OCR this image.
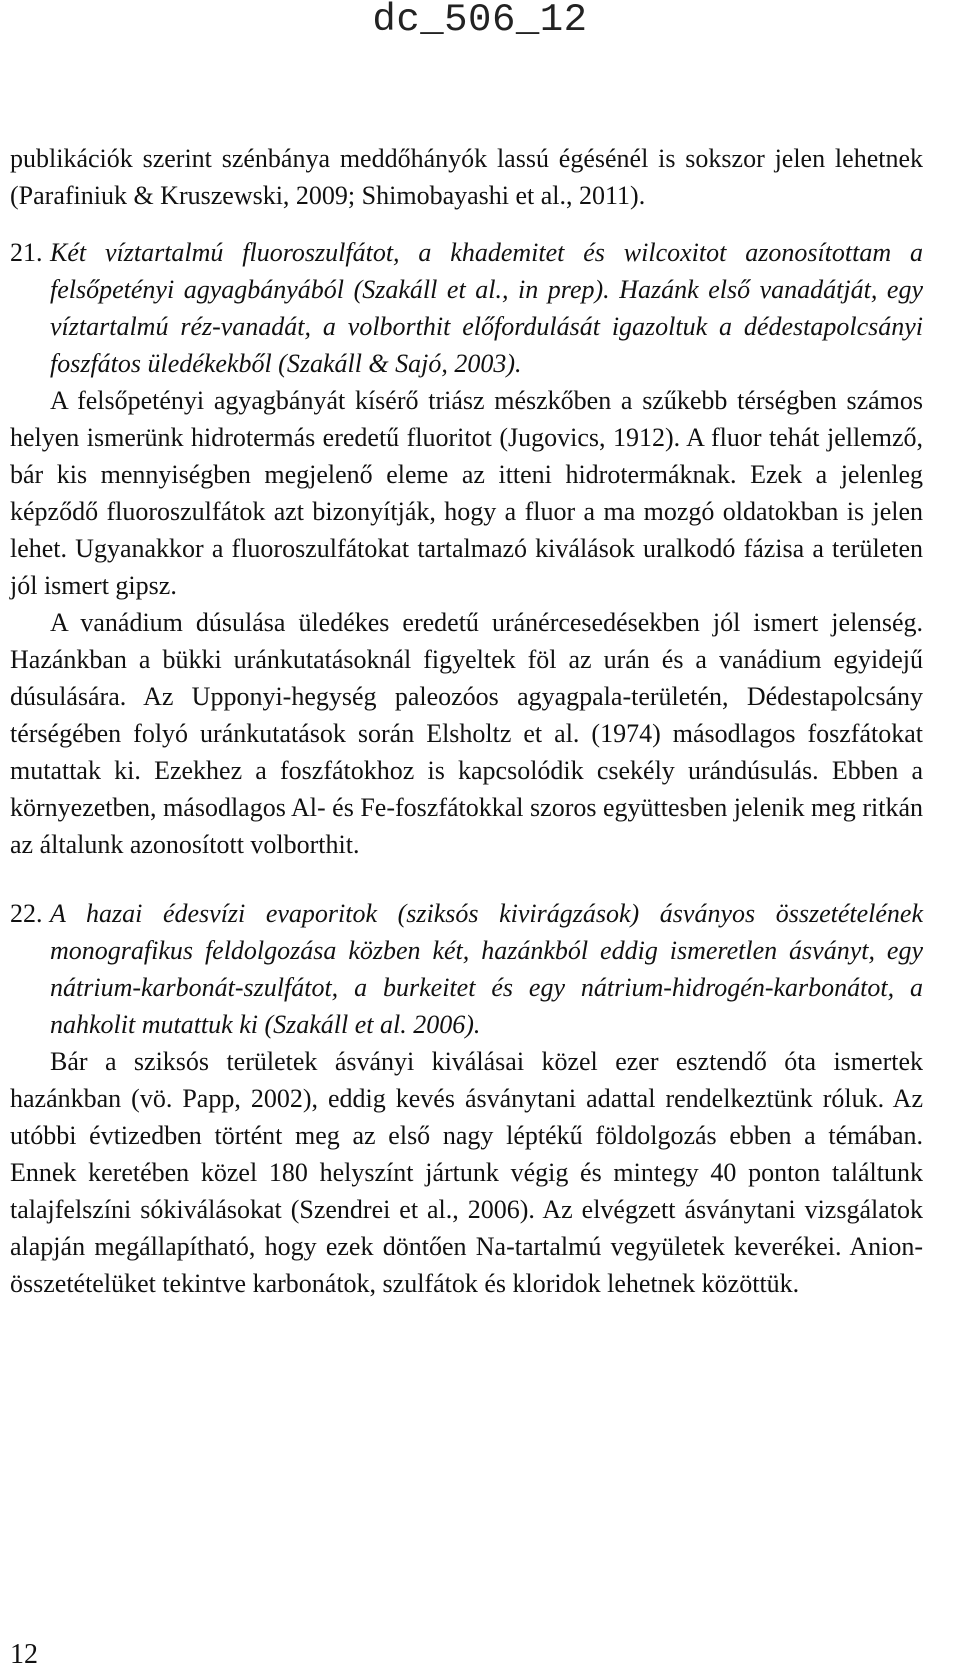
dc_506_12

publikációk szerint szénbánya meddőhányók lassú égésénél is sokszor jelen lehetnek (Parafiniuk & Kruszewski, 2009; Shimobayashi et al., 2011).

21. Két víztartalmú fluoroszulfátot, a khademitet és wilcoxitot azonosítottam a felsőpetényi agyagbányából (Szakáll et al., in prep). Hazánk első vanadátját, egy víztartalmú réz-vanadát, a volborthit előfordulását igazoltuk a dédestapolcsányi foszfátos üledékekből (Szakáll & Sajó, 2003).

A felsőpetényi agyagbányát kísérő triász mészkőben a szűkebb térségben számos helyen ismerünk hidrotermás eredetű fluoritot (Jugovics, 1912). A fluor tehát jellemző, bár kis mennyiségben megjelenő eleme az itteni hidrotermáknak. Ezek a jelenleg képződő fluoroszulfátok azt bizonyítják, hogy a fluor a ma mozgó oldatokban is jelen lehet. Ugyanakkor a fluoroszulfátokat tartalmazó kiválások uralkodó fázisa a területen jól ismert gipsz.

A vanádium dúsulása üledékes eredetű uránércesedésekben jól ismert jelenség. Hazánkban a bükki uránkutatásoknál figyeltek föl az urán és a vanádium egyidejű dúsulására. Az Upponyi-hegység paleozóos agyagpala-területén, Dédestapolcsány térségében folyó uránkutatások során Elsholtz et al. (1974) másodlagos foszfátokat mutattak ki. Ezekhez a foszfátokhoz is kapcsolódik csekély urándúsulás. Ebben a környezetben, másodlagos Al- és Fe-foszfátokkal szoros együttesben jelenik meg ritkán az általunk azonosított volborthit.

22. A hazai édesvízi evaporitok (sziksós kivirágzások) ásványos összetételének monografikus feldolgozása közben két, hazánkból eddig ismeretlen ásványt, egy nátrium-karbonát-szulfátot, a burkeitet és egy nátrium-hidrogén-karbonátot, a nahkolit mutattuk ki (Szakáll et al. 2006).

Bár a sziksós területek ásványi kiválásai közel ezer esztendő óta ismertek hazánkban (vö. Papp, 2002), eddig kevés ásványtani adattal rendelkeztünk róluk. Az utóbbi évtizedben történt meg az első nagy léptékű földolgozás ebben a témában. Ennek keretében közel 180 helyszínt jártunk végig és mintegy 40 ponton találtunk talajfelszíni sókiválásokat (Szendrei et al., 2006). Az elvégzett ásványtani vizsgálatok alapján megállapítható, hogy ezek döntően Na-tartalmú vegyületek keverékei. Anion-összetételüket tekintve karbonátok, szulfátok és kloridok lehetnek közöttük.

12
